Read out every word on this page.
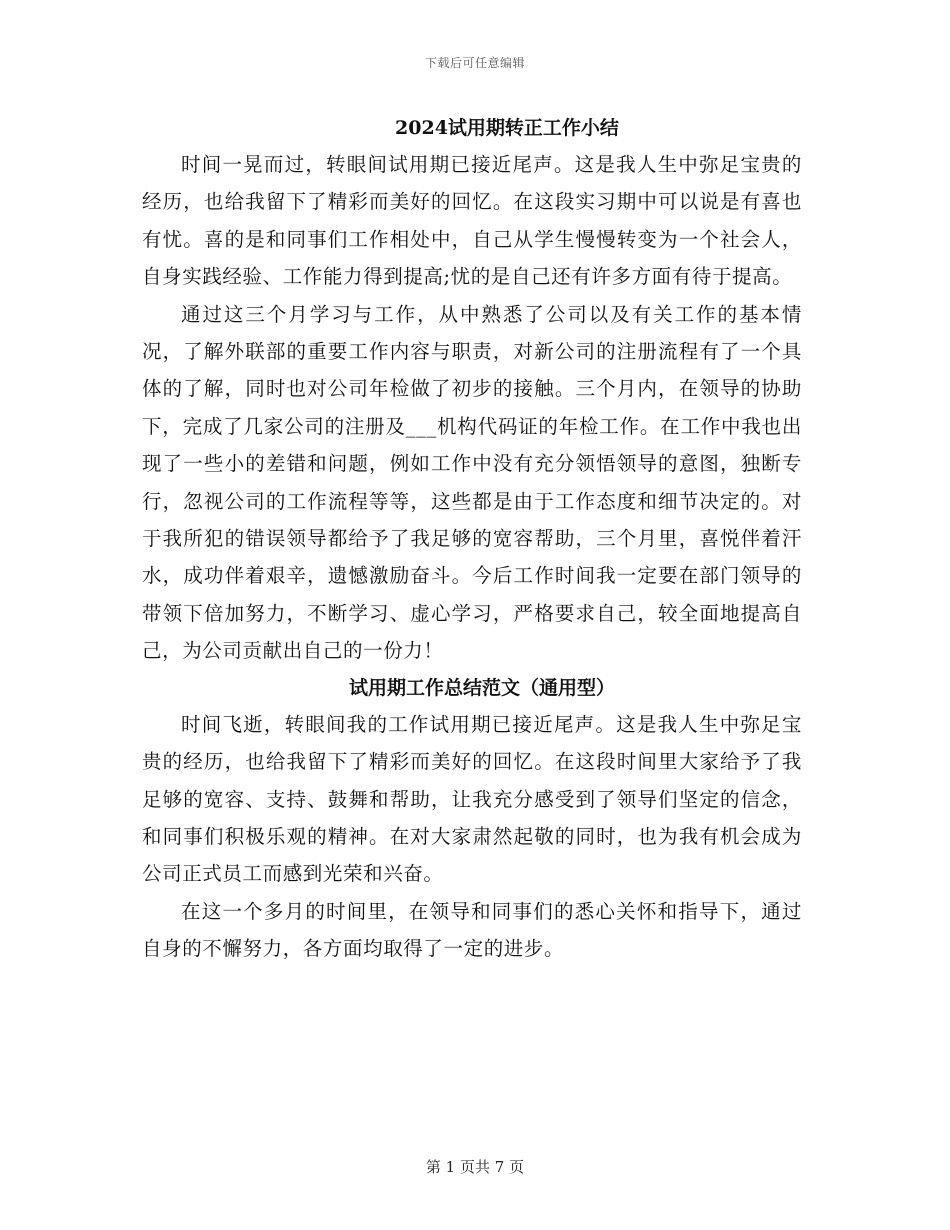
下载后可任意编辑
2024试用期转正工作小结

时间一晃而过，转眼间试用期已接近尾声。这是我人生中弥足宝贵的经历，也给我留下了精彩而美好的回忆。在这段实习期中可以说是有喜也有忧。喜的是和同事们工作相处中，自己从学生慢慢转变为一个社会人，自身实践经验、工作能力得到提高;忧的是自己还有许多方面有待于提高。

通过这三个月学习与工作，从中熟悉了公司以及有关工作的基本情况，了解外联部的重要工作内容与职责，对新公司的注册流程有了一个具体的了解，同时也对公司年检做了初步的接触。三个月内，在领导的协助下，完成了几家公司的注册及___机构代码证的年检工作。在工作中我也出现了一些小的差错和问题，例如工作中没有充分领悟领导的意图，独断专行，忽视公司的工作流程等等，这些都是由于工作态度和细节决定的。对于我所犯的错误领导都给予了我足够的宽容帮助，三个月里，喜悦伴着汗水，成功伴着艰辛，遗憾激励奋斗。今后工作时间我一定要在部门领导的带领下倍加努力，不断学习、虚心学习，严格要求自己，较全面地提高自己，为公司贡献出自己的一份力！

试用期工作总结范文（通用型）

时间飞逝，转眼间我的工作试用期已接近尾声。这是我人生中弥足宝贵的经历，也给我留下了精彩而美好的回忆。在这段时间里大家给予了我足够的宽容、支持、鼓舞和帮助，让我充分感受到了领导们坚定的信念，和同事们积极乐观的精神。在对大家肃然起敬的同时，也为我有机会成为公司正式员工而感到光荣和兴奋。

在这一个多月的时间里，在领导和同事们的悉心关怀和指导下，通过自身的不懈努力，各方面均取得了一定的进步。

第 1 页共 7 页
